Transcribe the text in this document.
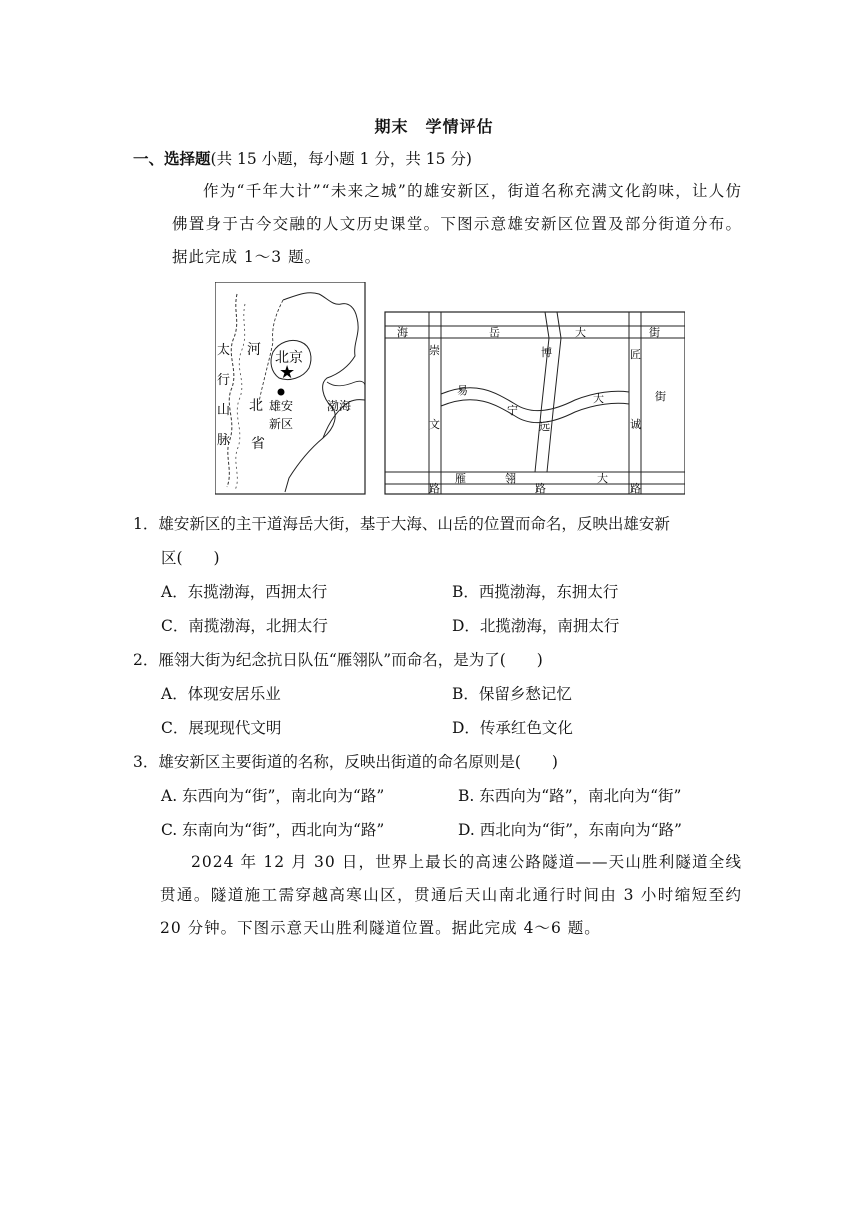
期末　学情评估
一、选择题(共 15 小题，每小题 1 分，共 15 分)

作为“千年大计”“未来之城”的雄安新区，街道名称充满文化韵味，让人仿佛置身于古今交融的人文历史课堂。下图示意雄安新区位置及部分街道分布。据此完成 1～3 题。

★
太
行
山
脉
河
北
省
北京
雄安
新区
渤海
海	岳	大	街
易
宁
大	街
雁	翎	大
崇
文
路
博
远
路
匠
诚
路
1．雄安新区的主干道海岳大街，基于大海、山岳的位置而命名，反映出雄安新
区(　　)
A．东揽渤海，西拥太行	B．西揽渤海，东拥太行
C．南揽渤海，北拥太行	D．北揽渤海，南拥太行
2．雁翎大街为纪念抗日队伍“雁翎队”而命名，是为了(　　)
A．体现安居乐业	B．保留乡愁记忆
C．展现现代文明	D．传承红色文化
3．雄安新区主要街道的名称，反映出街道的命名原则是(　　)
A. 东西向为“街”，南北向为“路”	B. 东西向为“路”，南北向为“街”
C. 东南向为“街”，西北向为“路”	D. 西北向为“街”，东南向为“路”

2024 年 12 月 30 日，世界上最长的高速公路隧道——天山胜利隧道全线贯通。隧道施工需穿越高寒山区，贯通后天山南北通行时间由 3 小时缩短至约 20 分钟。下图示意天山胜利隧道位置。据此完成 4～6 题。
